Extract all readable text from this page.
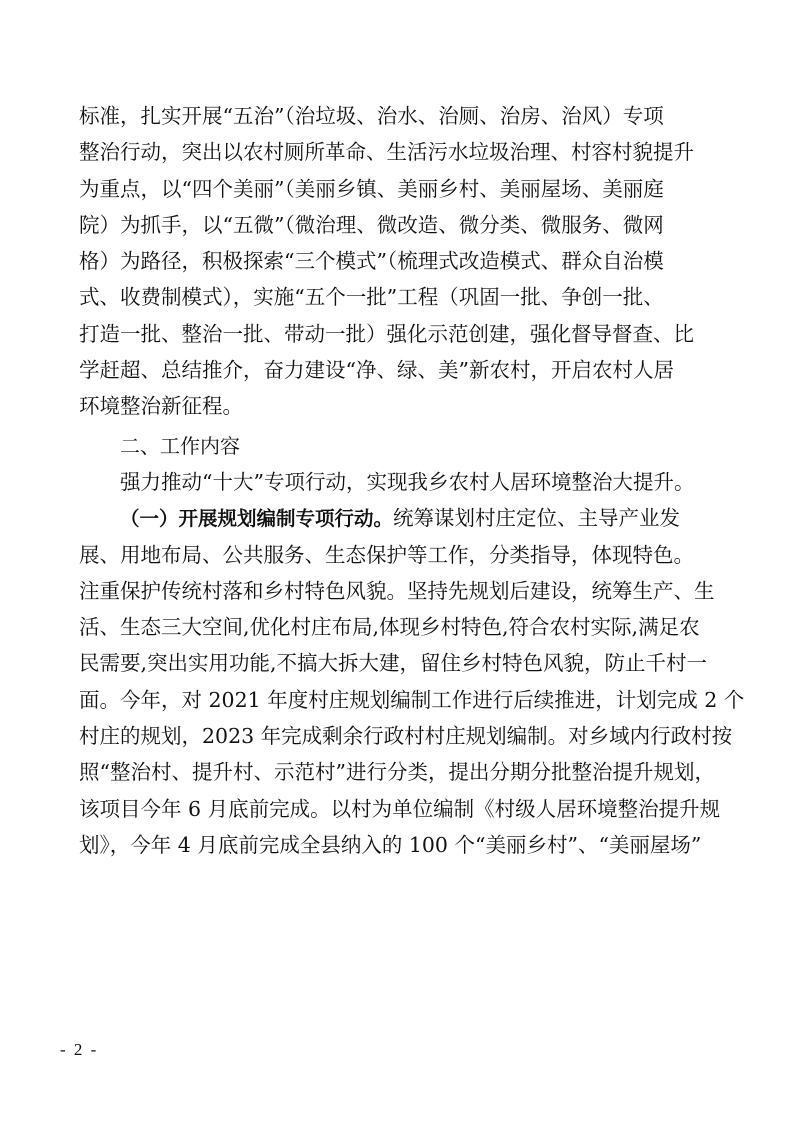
标准，扎实开展“五治”（治垃圾、治水、治厕、治房、治风）专项
整治行动，突出以农村厕所革命、生活污水垃圾治理、村容村貌提升
为重点，以“四个美丽”（美丽乡镇、美丽乡村、美丽屋场、美丽庭
院）为抓手，以“五微”（微治理、微改造、微分类、微服务、微网
格）为路径，积极探索“三个模式”（梳理式改造模式、群众自治模
式、收费制模式），实施“五个一批”工程（巩固一批、争创一批、
打造一批、整治一批、带动一批）强化示范创建，强化督导督查、比
学赶超、总结推介，奋力建设“净、绿、美”新农村，开启农村人居
环境整治新征程。
二、工作内容
强力推动“十大”专项行动，实现我乡农村人居环境整治大提升。
（一）开展规划编制专项行动。统筹谋划村庄定位、主导产业发
展、用地布局、公共服务、生态保护等工作，分类指导，体现特色。
注重保护传统村落和乡村特色风貌。坚持先规划后建设，统筹生产、生
活、生态三大空间,优化村庄布局,体现乡村特色,符合农村实际,满足农
民需要,突出实用功能,不搞大拆大建，留住乡村特色风貌，防止千村一
面。今年，对 2021 年度村庄规划编制工作进行后续推进，计划完成 2 个
村庄的规划，2023 年完成剩余行政村村庄规划编制。对乡域内行政村按
照“整治村、提升村、示范村”进行分类，提出分期分批整治提升规划，
该项目今年 6 月底前完成。以村为单位编制《村级人居环境整治提升规
划》，今年 4 月底前完成全县纳入的 100 个“美丽乡村”、“美丽屋场”
- 2 -
